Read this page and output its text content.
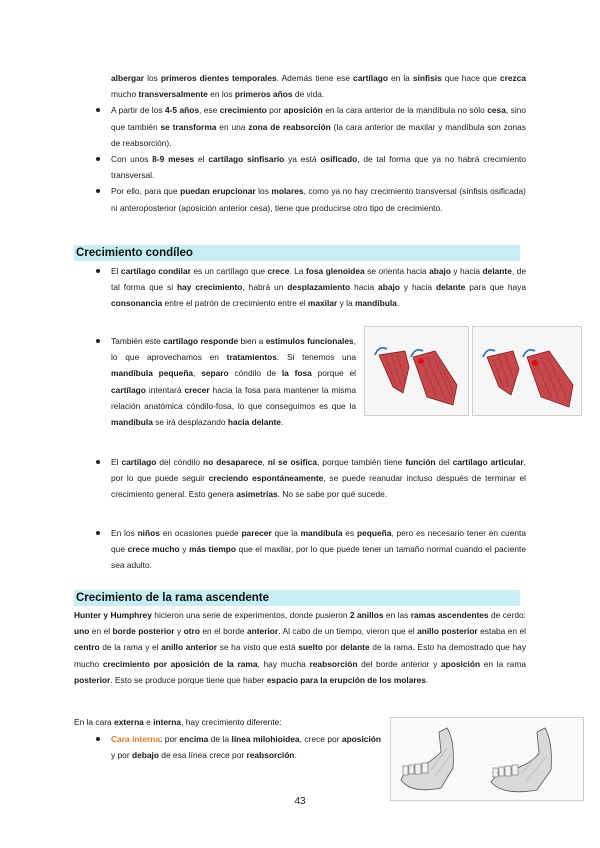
albergar los primeros dientes temporales. Además tiene ese cartílago en la sínfisis que hace que crezca mucho transversalmente en los primeros años de vida.

A partir de los 4-5 años, ese crecimiento por aposición en la cara anterior de la mandíbula no sólo cesa, sino que también se transforma en una zona de reabsorción (la cara anterior de maxilar y mandíbula son zonas de reabsorción).
Con unos 8-9 meses el cartílago sinfisario ya está osificado, de tal forma que ya no habrá crecimiento transversal.
Por ello, para que puedan erupcionar los molares, como ya no hay crecimiento transversal (sínfisis osificada) ni anteroposterior (aposición anterior cesa), tiene que producirse otro tipo de crecimiento.
Crecimiento condíleo
El cartílago condilar es un cartílago que crece. La fosa glenoidea se orienta hacia abajo y hacia delante, de tal forma que si hay crecimiento, habrá un desplazamiento hacia abajo y hacia delante para que haya consonancia entre el patrón de crecimiento entre el maxilar y la mandíbula.
También este cartílago responde bien a estímulos funcionales, lo que aprovechamos en tratamientos. Si tenemos una mandíbula pequeña, separo cóndilo de la fosa porque el cartílago intentará crecer hacia la fosa para mantener la misma relación anatómica cóndilo-fosa, lo que conseguimos es que la mandíbula se irá desplazando hacia delante.
El cartílago del cóndilo no desaparece, ni se osifica, porque también tiene función del cartílago articular, por lo que puede seguir creciendo espontáneamente, se puede reanudar incluso después de terminar el crecimiento general. Esto genera asimetrías. No se sabe por qué sucede.
En los niños en ocasiones puede parecer que la mandíbula es pequeña, pero es necesario tener en cuenta que crece mucho y más tiempo que el maxilar, por lo que puede tener un tamaño normal cuando el paciente sea adulto.
Crecimiento de la rama ascendente

Hunter y Humphrey hicieron una serie de experimentos, donde pusieron 2 anillos en las ramas ascendentes de cerdo: uno en el borde posterior y otro en el borde anterior. Al cabo de un tiempo, vieron que el anillo posterior estaba en el centro de la rama y el anillo anterior se ha visto que está suelto por delante de la rama. Esto ha demostrado que hay mucho crecimiento por aposición de la rama, hay mucha reabsorción del borde anterior y aposición en la rama posterior. Esto se produce porque tiene que haber espacio para la erupción de los molares.

En la cara externa e interna, hay crecimiento diferente:

Cara interna: por encima de la línea milohioidea, crece por aposición y por debajo de esa línea crece por reabsorción.
43
